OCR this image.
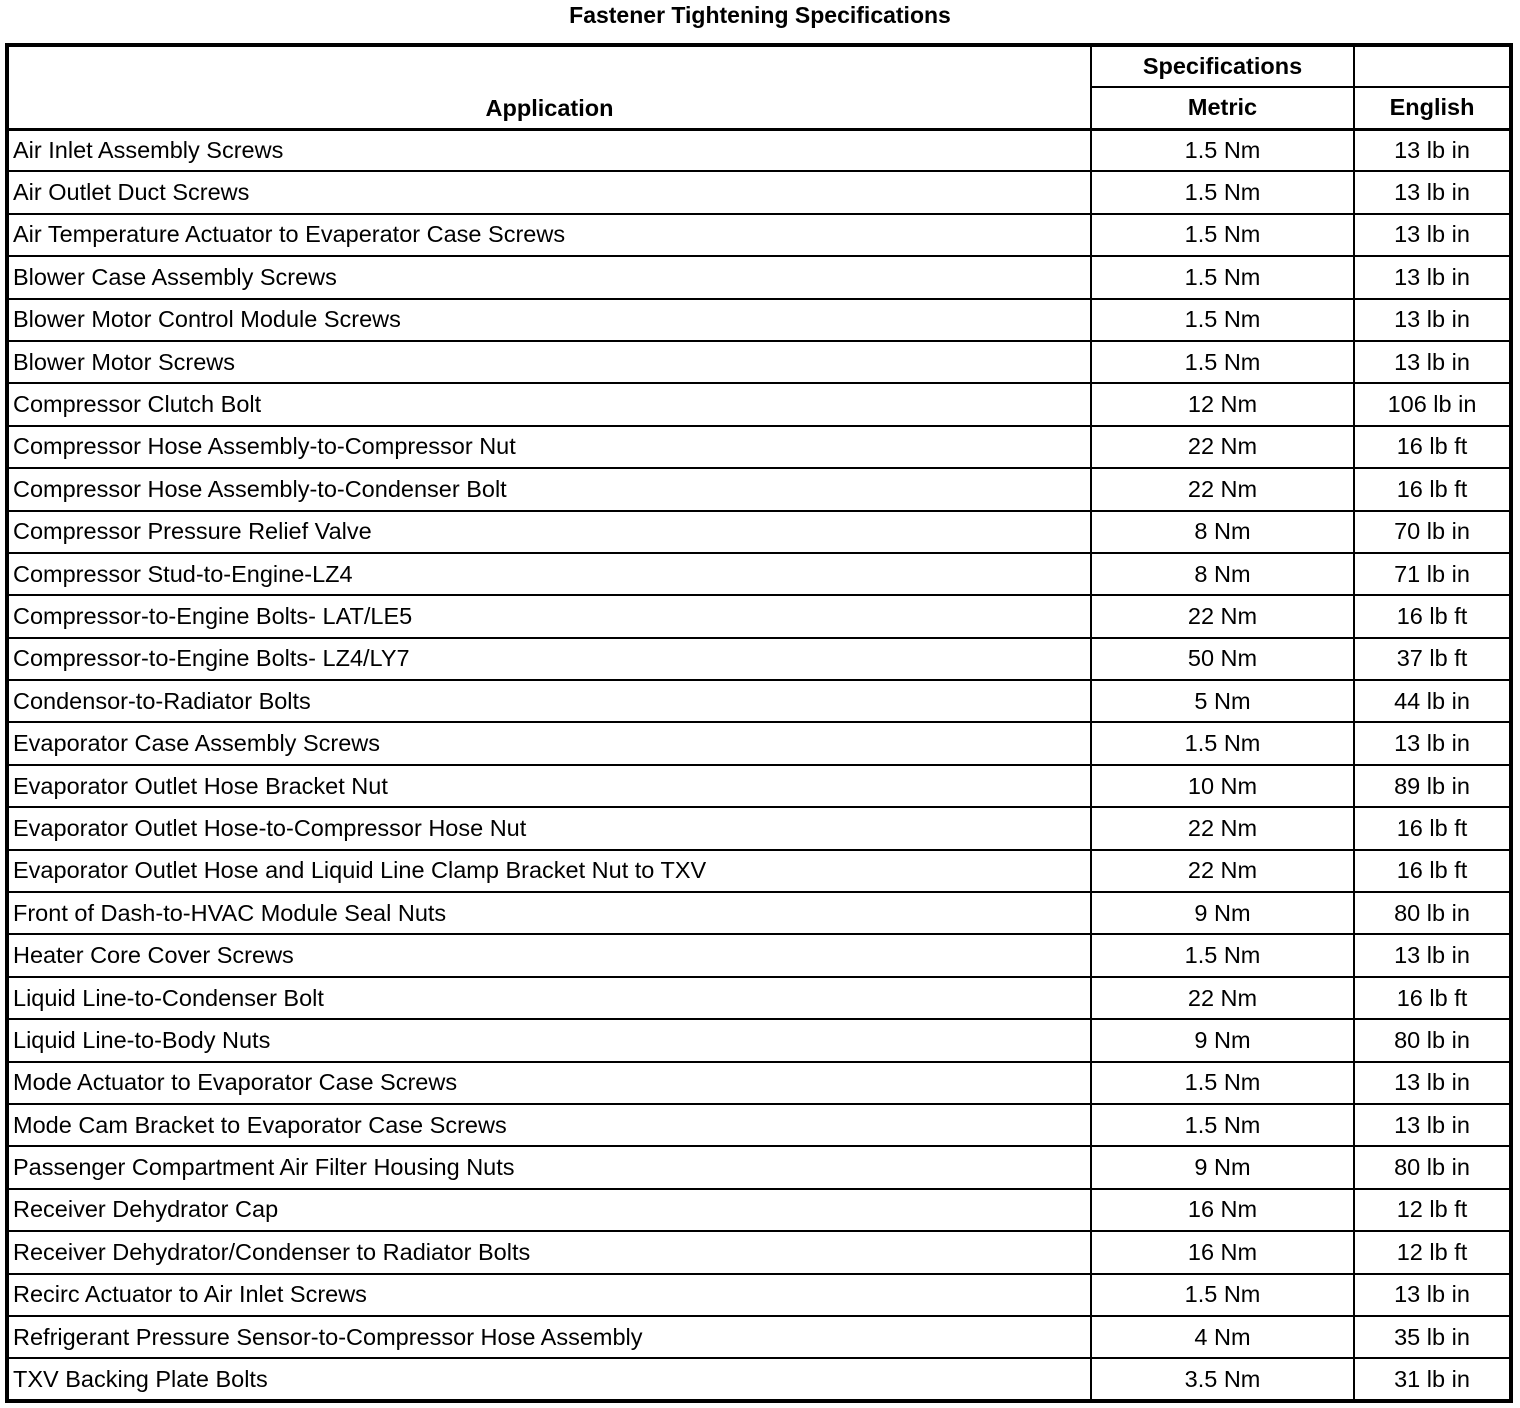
Fastener Tightening Specifications
Application	Specifications	
	Metric	English
Air Inlet Assembly Screws	1.5 Nm	13 lb in
Air Outlet Duct Screws	1.5 Nm	13 lb in
Air Temperature Actuator to Evaperator Case Screws	1.5 Nm	13 lb in
Blower Case Assembly Screws	1.5 Nm	13 lb in
Blower Motor Control Module Screws	1.5 Nm	13 lb in
Blower Motor Screws	1.5 Nm	13 lb in
Compressor Clutch Bolt	12 Nm	106 lb in
Compressor Hose Assembly-to-Compressor Nut	22 Nm	16 lb ft
Compressor Hose Assembly-to-Condenser Bolt	22 Nm	16 lb ft
Compressor Pressure Relief Valve	8 Nm	70 lb in
Compressor Stud-to-Engine-LZ4	8 Nm	71 lb in
Compressor-to-Engine Bolts- LAT/LE5	22 Nm	16 lb ft
Compressor-to-Engine Bolts- LZ4/LY7	50 Nm	37 lb ft
Condensor-to-Radiator Bolts	5 Nm	44 lb in
Evaporator Case Assembly Screws	1.5 Nm	13 lb in
Evaporator Outlet Hose Bracket Nut	10 Nm	89 lb in
Evaporator Outlet Hose-to-Compressor Hose Nut	22 Nm	16 lb ft
Evaporator Outlet Hose and Liquid Line Clamp Bracket Nut to TXV	22 Nm	16 lb ft
Front of Dash-to-HVAC Module Seal Nuts	9 Nm	80 lb in
Heater Core Cover Screws	1.5 Nm	13 lb in
Liquid Line-to-Condenser Bolt	22 Nm	16 lb ft
Liquid Line-to-Body Nuts	9 Nm	80 lb in
Mode Actuator to Evaporator Case Screws	1.5 Nm	13 lb in
Mode Cam Bracket to Evaporator Case Screws	1.5 Nm	13 lb in
Passenger Compartment Air Filter Housing Nuts	9 Nm	80 lb in
Receiver Dehydrator Cap	16 Nm	12 lb ft
Receiver Dehydrator/Condenser to Radiator Bolts	16 Nm	12 lb ft
Recirc Actuator to Air Inlet Screws	1.5 Nm	13 lb in
Refrigerant Pressure Sensor-to-Compressor Hose Assembly	4 Nm	35 lb in
TXV Backing Plate Bolts	3.5 Nm	31 lb in
